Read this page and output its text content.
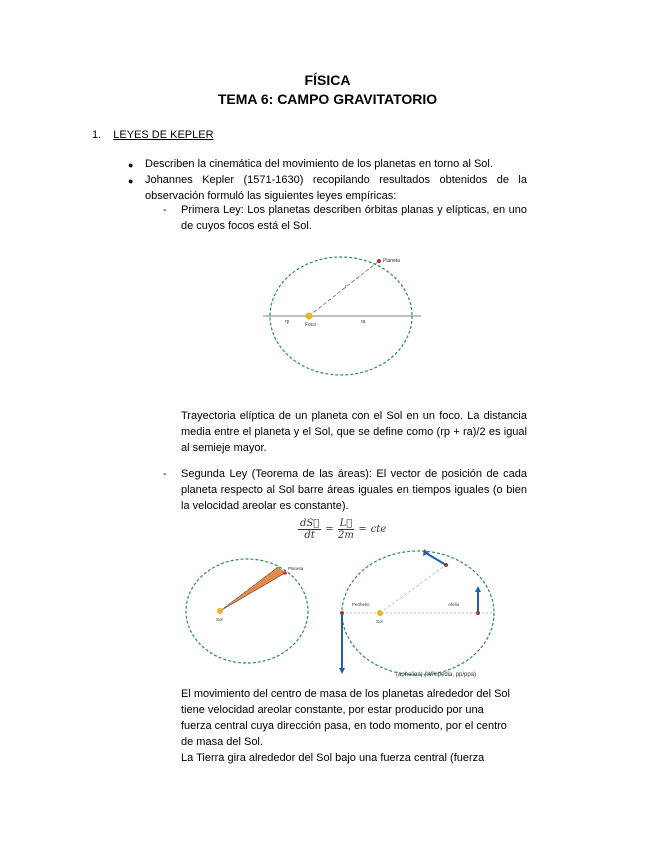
FÍSICA
TEMA 6: CAMPO GRAVITATORIO
1. LEYES DE KEPLER
● Describen la cinemática del movimiento de los planetas en torno al Sol.
● Johannes Kepler (1571-1630) recopilando resultados obtenidos de la observación formuló las siguientes leyes empíricas:
- Primera Ley: Los planetas describen órbitas planas y elípticas, en uno de cuyos focos está el Sol.
Planeta
Foco
rp	ra
r
Trayectoria elíptica de un planeta con el Sol en un foco. La distancia media entre el planeta y el Sol, que se define como (rp + ra)/2 es igual al semieje mayor.
- Segunda Ley (Teorema de las áreas): El vector de posición de cada planeta respecto al Sol barre áreas iguales en tiempos iguales (o bien la velocidad areolar es constante).
$\frac{dS⃗}{dt} = \frac{L⃗}{2m}$ = cte
Sol
Planeta
Perihelio	Afelio
Sol
(aphelion) (Wikipedia, pp/ppa)
El movimiento del centro de masa de los planetas alrededor del Sol
tiene velocidad areolar constante, por estar producido por una
fuerza central cuya dirección pasa, en todo momento, por el centro
de masa del Sol.
La Tierra gira alrededor del Sol bajo una fuerza central (fuerza
